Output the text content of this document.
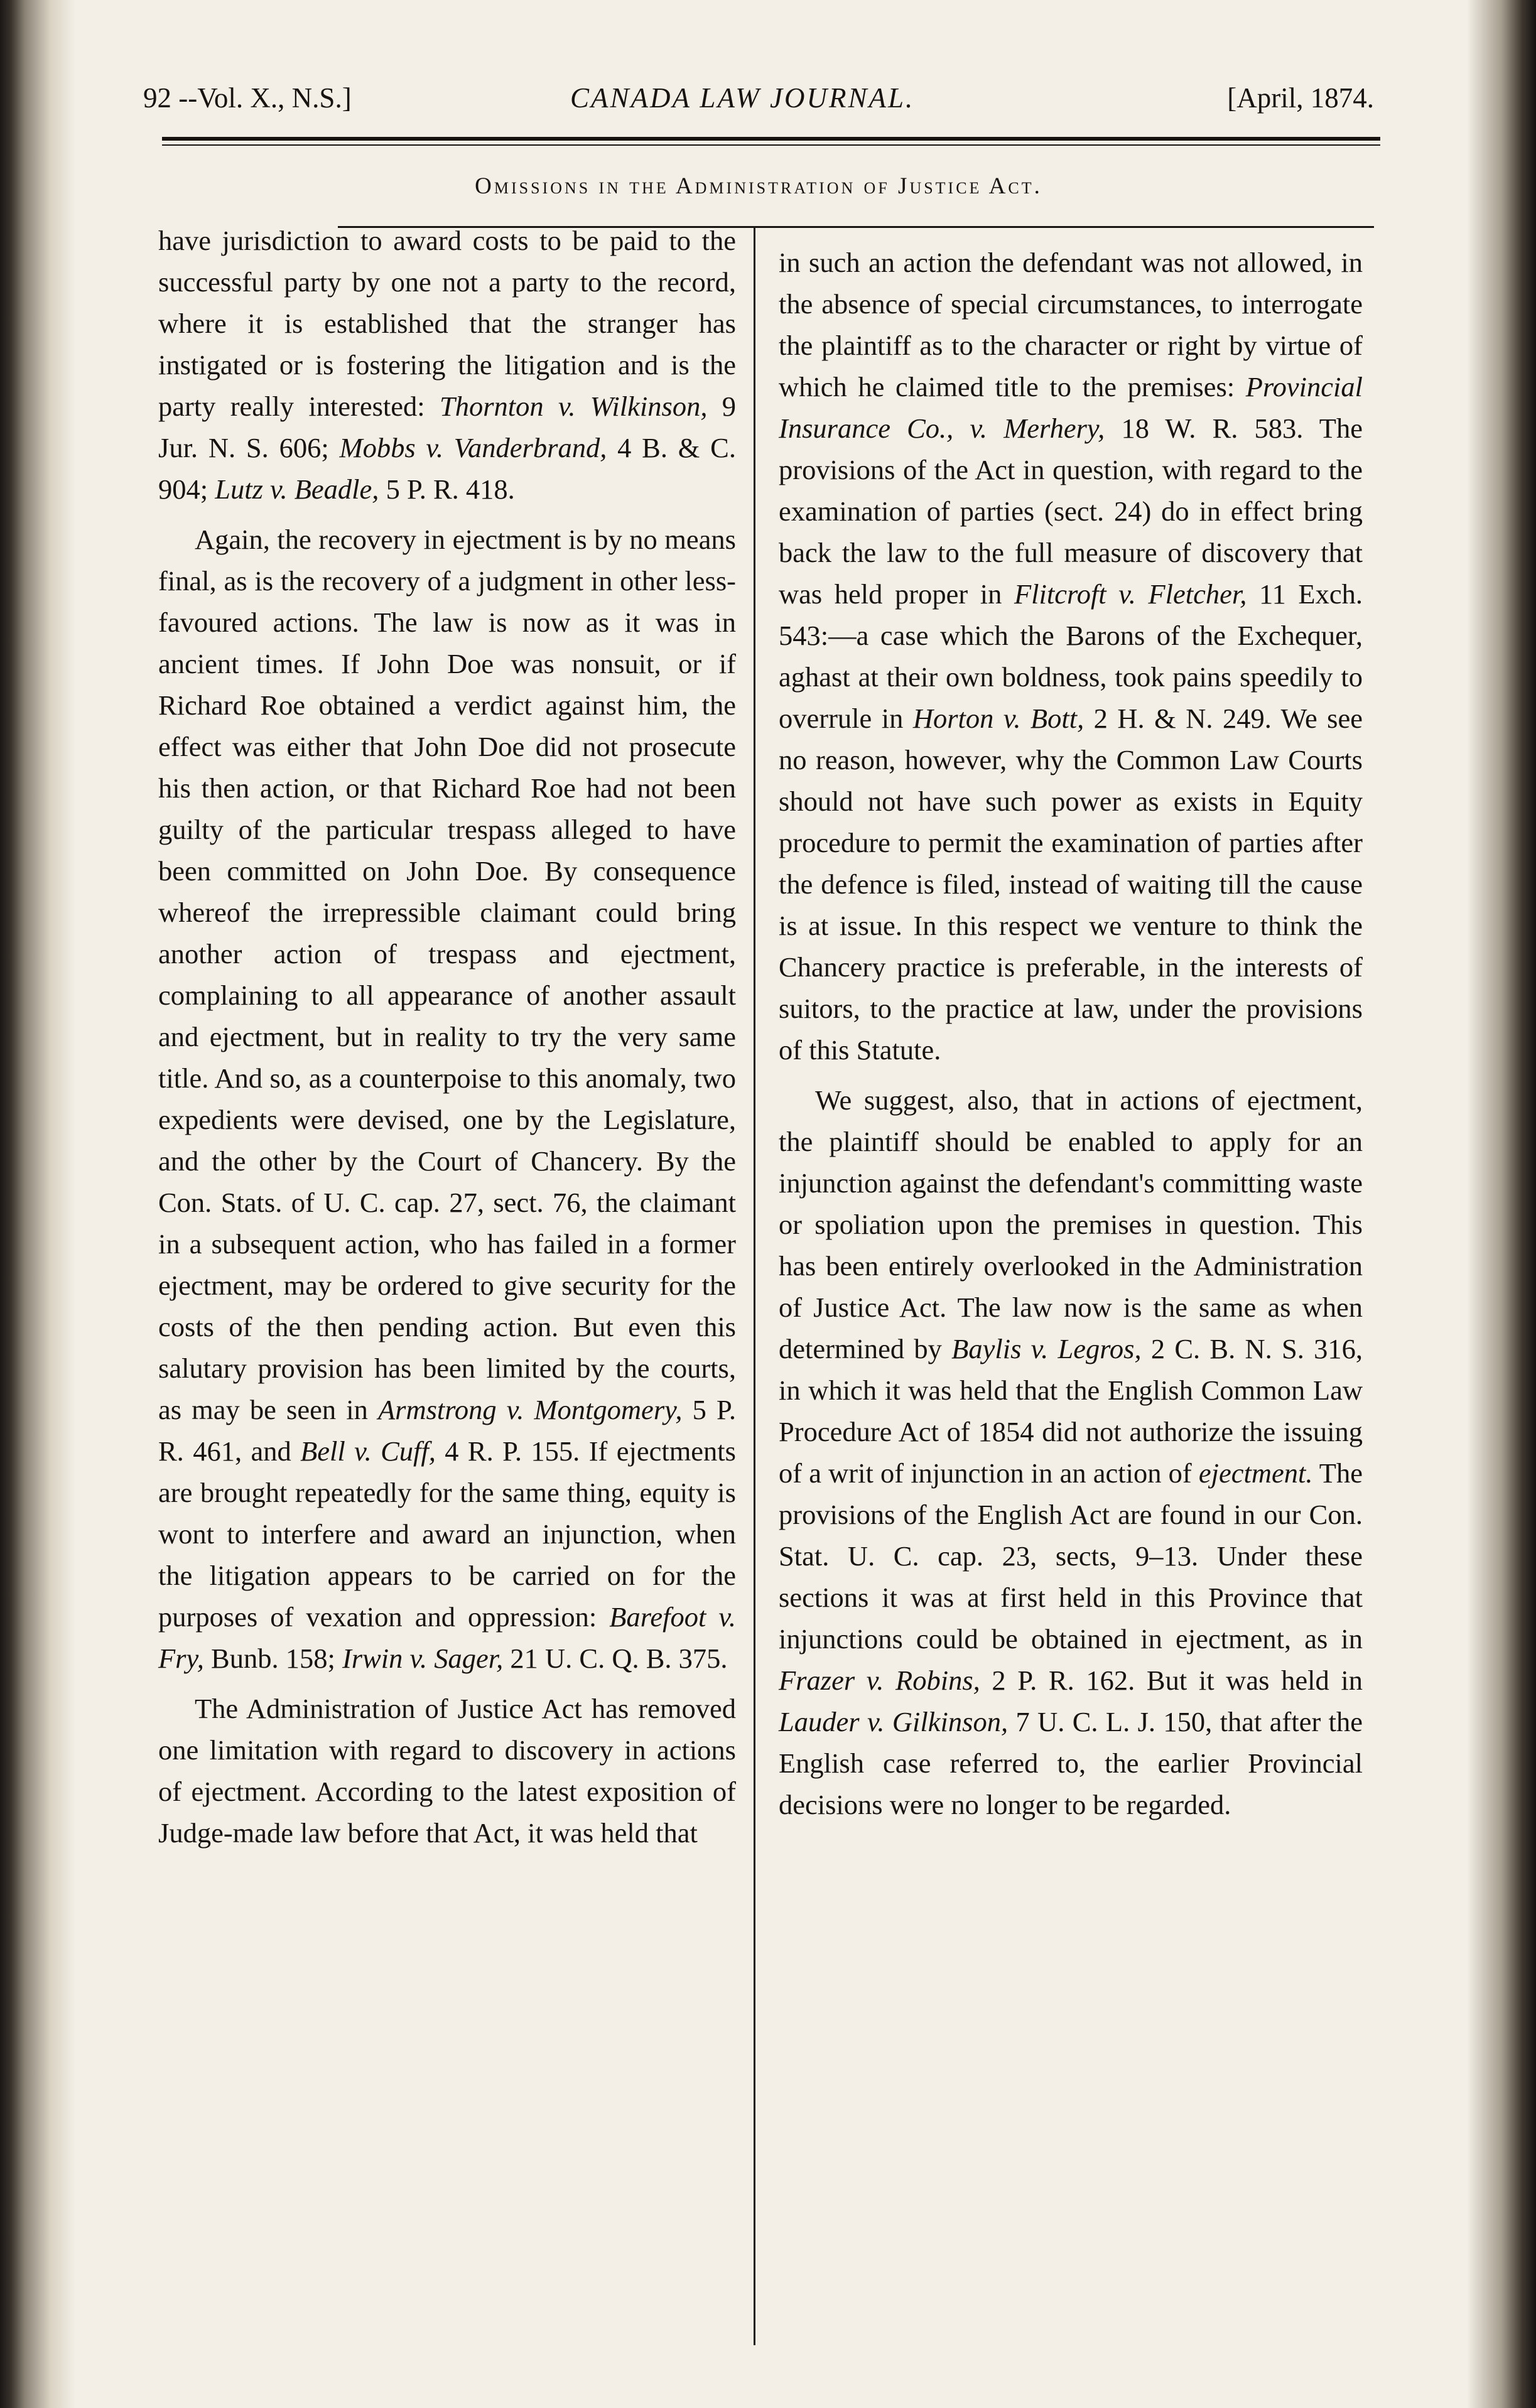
92 --Vol. X., N.S.]	CANADA LAW JOURNAL.	[April, 1874.
Omissions in the Administration of Justice Act.

have jurisdiction to award costs to be paid to the successful party by one not a party to the record, where it is established that the stranger has instigated or is fostering the litigation and is the party really interested: Thornton v. Wilkinson, 9 Jur. N. S. 606; Mobbs v. Vanderbrand, 4 B. & C. 904; Lutz v. Beadle, 5 P. R. 418.

Again, the recovery in ejectment is by no means final, as is the recovery of a judgment in other less-favoured actions. The law is now as it was in ancient times. If John Doe was nonsuit, or if Richard Roe obtained a verdict against him, the effect was either that John Doe did not prosecute his then action, or that Richard Roe had not been guilty of the particular trespass alleged to have been committed on John Doe. By consequence whereof the irrepressible claimant could bring another action of trespass and ejectment, complaining to all appearance of another assault and ejectment, but in reality to try the very same title. And so, as a counterpoise to this anomaly, two expedients were devised, one by the Legislature, and the other by the Court of Chancery. By the Con. Stats. of U. C. cap. 27, sect. 76, the claimant in a subsequent action, who has failed in a former ejectment, may be ordered to give security for the costs of the then pending action. But even this salutary provision has been limited by the courts, as may be seen in Armstrong v. Montgomery, 5 P. R. 461, and Bell v. Cuff, 4 R. P. 155. If ejectments are brought repeatedly for the same thing, equity is wont to interfere and award an injunction, when the litigation appears to be carried on for the purposes of vexation and oppression: Barefoot v. Fry, Bunb. 158; Irwin v. Sager, 21 U. C. Q. B. 375.

The Administration of Justice Act has removed one limitation with regard to discovery in actions of ejectment. According to the latest exposition of Judge-made law before that Act, it was held that

in such an action the defendant was not allowed, in the absence of special circumstances, to interrogate the plaintiff as to the character or right by virtue of which he claimed title to the premises: Provincial Insurance Co., v. Merhery, 18 W. R. 583. The provisions of the Act in question, with regard to the examination of parties (sect. 24) do in effect bring back the law to the full measure of discovery that was held proper in Flitcroft v. Fletcher, 11 Exch. 543:—a case which the Barons of the Exchequer, aghast at their own boldness, took pains speedily to overrule in Horton v. Bott, 2 H. & N. 249. We see no reason, however, why the Common Law Courts should not have such power as exists in Equity procedure to permit the examination of parties after the defence is filed, instead of waiting till the cause is at issue. In this respect we venture to think the Chancery practice is preferable, in the interests of suitors, to the practice at law, under the provisions of this Statute.

We suggest, also, that in actions of ejectment, the plaintiff should be enabled to apply for an injunction against the defendant's committing waste or spoliation upon the premises in question. This has been entirely overlooked in the Administration of Justice Act. The law now is the same as when determined by Baylis v. Legros, 2 C. B. N. S. 316, in which it was held that the English Common Law Procedure Act of 1854 did not authorize the issuing of a writ of injunction in an action of ejectment. The provisions of the English Act are found in our Con. Stat. U. C. cap. 23, sects, 9–13. Under these sections it was at first held in this Province that injunctions could be obtained in ejectment, as in Frazer v. Robins, 2 P. R. 162. But it was held in Lauder v. Gilkinson, 7 U. C. L. J. 150, that after the English case referred to, the earlier Provincial decisions were no longer to be regarded.
